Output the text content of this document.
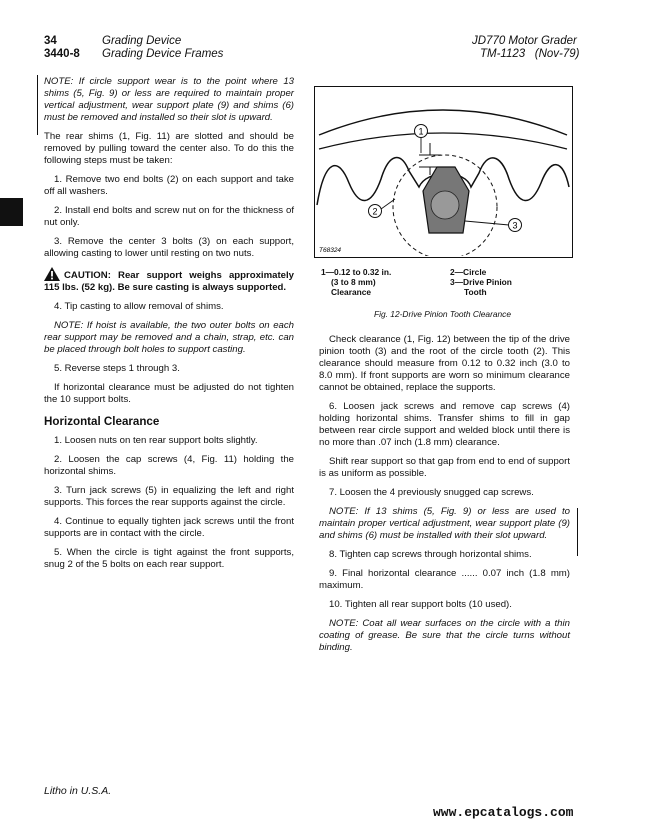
34
3440-8
Grading Device
Grading Device Frames
JD770 Motor Grader
TM-1123 (Nov-79)

NOTE: If circle support wear is to the point where 13 shims (5, Fig. 9) or less are required to maintain proper vertical adjustment, wear support plate (9) and shims (6) must be removed and installed so their slot is upward.

The rear shims (1, Fig. 11) are slotted and should be removed by pulling toward the center also. To do this the following steps must be taken:

1. Remove two end bolts (2) on each support and take off all washers.

2. Install end bolts and screw nut on for the thickness of nut only.

3. Remove the center 3 bolts (3) on each support, allowing casting to lower until resting on two nuts.

CAUTION: Rear support weighs approximately 115 lbs. (52 kg). Be sure casting is always supported.

4. Tip casting to allow removal of shims.

NOTE: If hoist is available, the two outer bolts on each rear support may be removed and a chain, strap, etc. can be placed through bolt holes to support casting.

5. Reverse steps 1 through 3.

If horizontal clearance must be adjusted do not tighten the 10 support bolts.

Horizontal Clearance

1. Loosen nuts on ten rear support bolts slightly.

2. Loosen the cap screws (4, Fig. 11) holding the horizontal shims.

3. Turn jack screws (5) in equalizing the left and right supports. This forces the rear supports against the circle.

4. Continue to equally tighten jack screws until the front supports are in contact with the circle.

5. When the circle is tight against the front supports, snug 2 of the 5 bolts on each rear support.

1
2
3
T68324
1—0.12 to 0.32 in.
(3 to 8 mm)
Clearance
2—Circle
3—Drive Pinion
Tooth
Fig. 12-Drive Pinion Tooth Clearance

Check clearance (1, Fig. 12) between the tip of the drive pinion tooth (3) and the root of the circle tooth (2). This clearance should measure from 0.12 to 0.32 inch (3.0 to 8.0 mm). If front supports are worn so minimum clearance cannot be obtained, replace the supports.

6. Loosen jack screws and remove cap screws (4) holding horizontal shims. Transfer shims to fill in gap between rear circle support and welded block until there is no more than .07 inch (1.8 mm) clearance.

Shift rear support so that gap from end to end of support is as uniform as possible.

7. Loosen the 4 previously snugged cap screws.

NOTE: If 13 shims (5, Fig. 9) or less are used to maintain proper vertical adjustment, wear support plate (9) and shims (6) must be installed with their slot upward.

8. Tighten cap screws through horizontal shims.

9. Final horizontal clearance ...... 0.07 inch (1.8 mm) maximum.

10. Tighten all rear support bolts (10 used).

NOTE: Coat all wear surfaces on the circle with a thin coating of grease. Be sure that the circle turns without binding.

Litho in U.S.A.
www.epcatalogs.com
